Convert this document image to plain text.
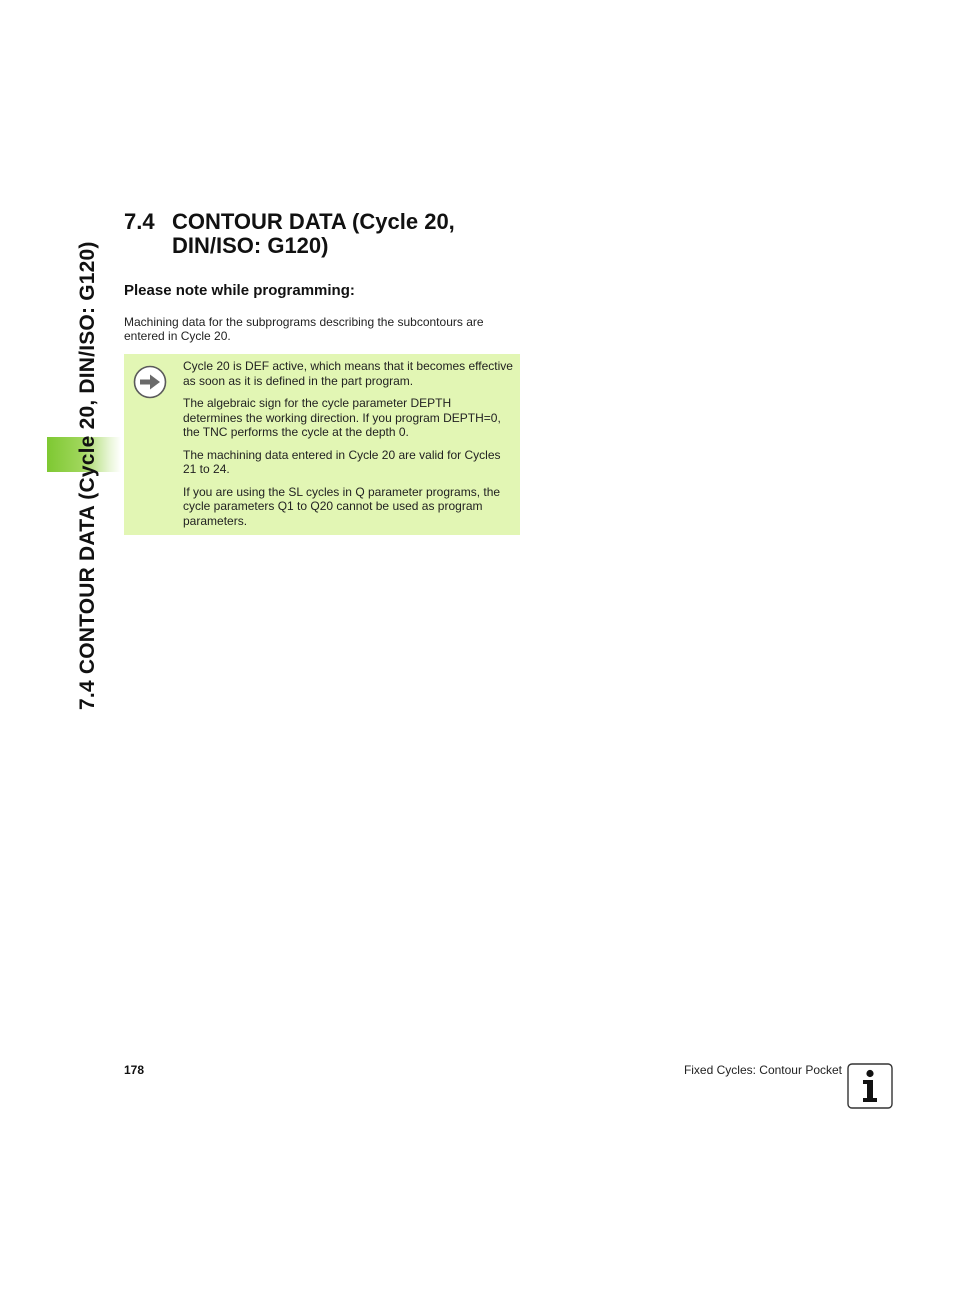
7.4 CONTOUR DATA (Cycle 20, DIN/ISO: G120)
7.4 CONTOUR DATA (Cycle 20, DIN/ISO: G120)
Please note while programming:
Machining data for the subprograms describing the subcontours are entered in Cycle 20.

Cycle 20 is DEF active, which means that it becomes effective as soon as it is defined in the part program.

The algebraic sign for the cycle parameter DEPTH determines the working direction. If you program DEPTH=0, the TNC performs the cycle at the depth 0.

The machining data entered in Cycle 20 are valid for Cycles 21 to 24.

If you are using the SL cycles in Q parameter programs, the cycle parameters Q1 to Q20 cannot be used as program parameters.

178	Fixed Cycles: Contour Pocket
